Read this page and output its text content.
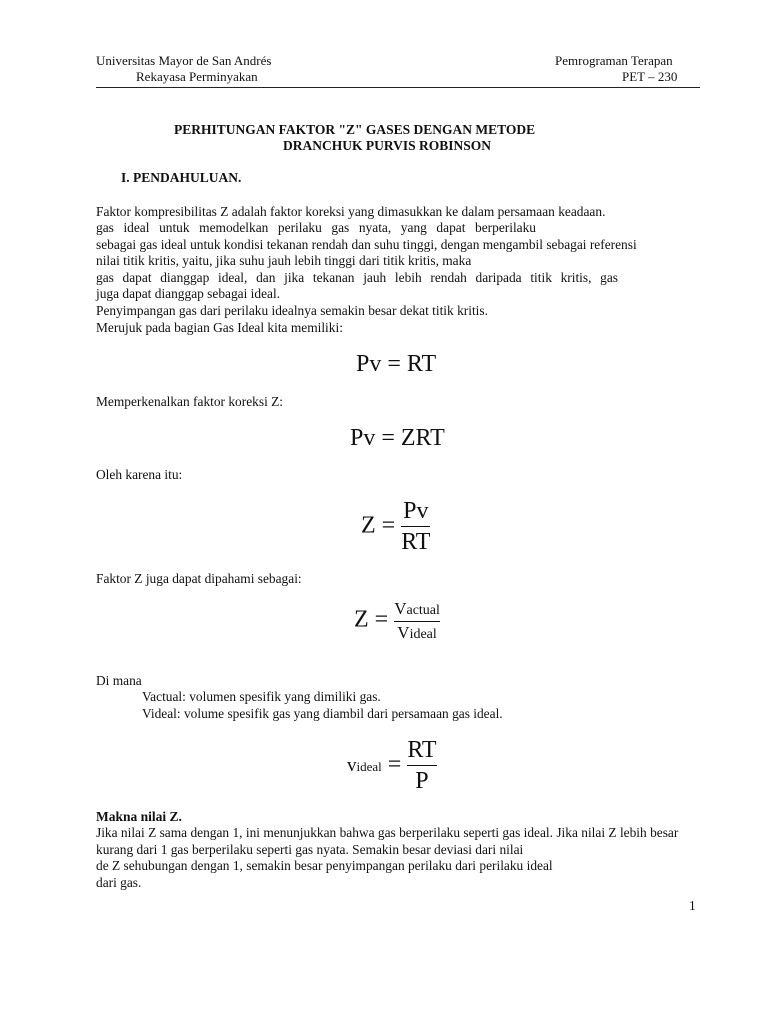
Universitas Mayor de San Andrés
Rekayasa Perminyakan
Pemrograman Terapan
PET – 230
PERHITUNGAN FAKTOR "Z" GASES DENGAN METODE
DRANCHUK PURVIS ROBINSON
I. PENDAHULUAN.
Faktor kompresibilitas Z adalah faktor koreksi yang dimasukkan ke dalam persamaan keadaan.
gas ideal untuk memodelkan perilaku gas nyata, yang dapat berperilaku
sebagai gas ideal untuk kondisi tekanan rendah dan suhu tinggi, dengan mengambil sebagai referensi
nilai titik kritis, yaitu, jika suhu jauh lebih tinggi dari titik kritis, maka
gas dapat dianggap ideal, dan jika tekanan jauh lebih rendah daripada titik kritis, gas
juga dapat dianggap sebagai ideal.
Penyimpangan gas dari perilaku idealnya semakin besar dekat titik kritis.
Merujuk pada bagian Gas Ideal kita memiliki:
Pv = RT
Memperkenalkan faktor koreksi Z:
Pv = ZRT
Oleh karena itu:
$Z = \frac{Pv}{RT}$
Faktor Z juga dapat dipahami sebagai:
$Z = \frac{\text{Vactual}}{\text{Videal}}$
Di mana
Vactual: volumen spesifik yang dimiliki gas.
Videal: volume spesifik gas yang diambil dari persamaan gas ideal.
videal = $\frac{RT}{P}$
Makna nilai Z.
Jika nilai Z sama dengan 1, ini menunjukkan bahwa gas berperilaku seperti gas ideal. Jika nilai Z lebih besar
kurang dari 1 gas berperilaku seperti gas nyata. Semakin besar deviasi dari nilai
de Z sehubungan dengan 1, semakin besar penyimpangan perilaku dari perilaku ideal
dari gas.
1
